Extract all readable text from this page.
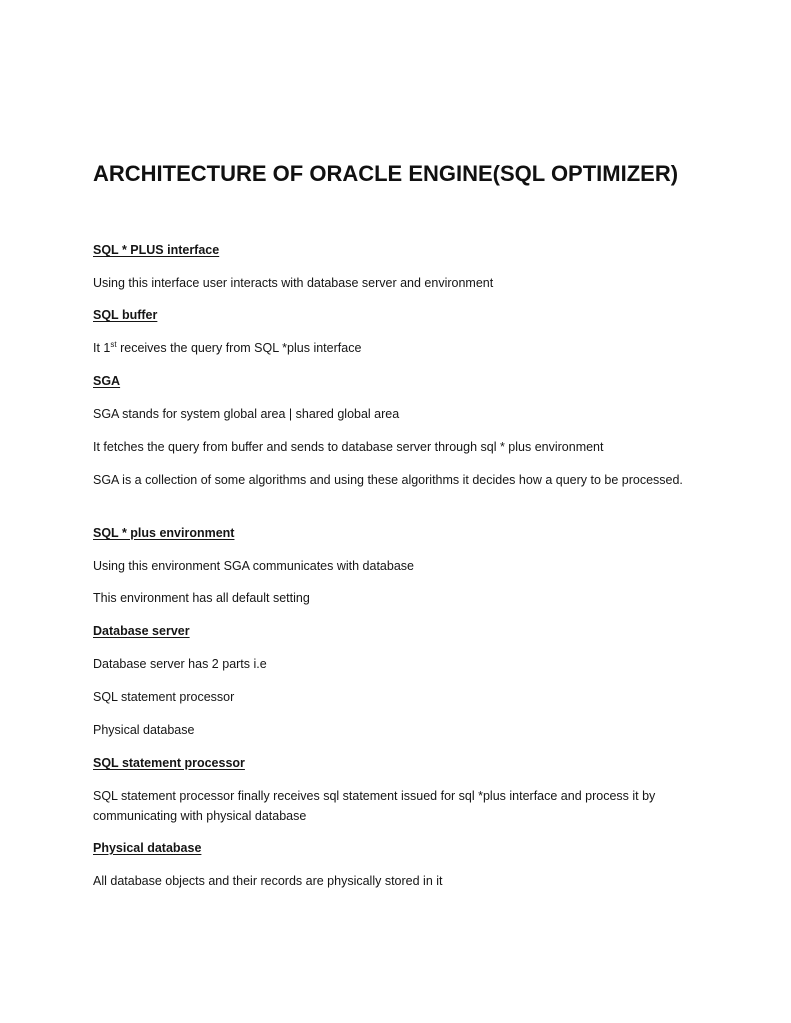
ARCHITECTURE OF ORACLE ENGINE(SQL OPTIMIZER)

SQL * PLUS interface

Using this interface user interacts with database server and environment

SQL buffer

It 1st receives the query from SQL *plus interface

SGA

SGA stands for system global area | shared global area

It fetches the query from buffer and sends to database server through sql * plus environment

SGA is a collection of some algorithms and using these algorithms it decides how a query to be processed.

SQL * plus environment

Using this environment SGA communicates with database

This environment has all default setting

Database server

Database server has 2 parts i.e

SQL statement processor

Physical database

SQL statement processor

SQL statement processor finally receives sql statement issued for sql *plus interface and process it by communicating with physical database

Physical database

All database objects and their records are physically stored in it
